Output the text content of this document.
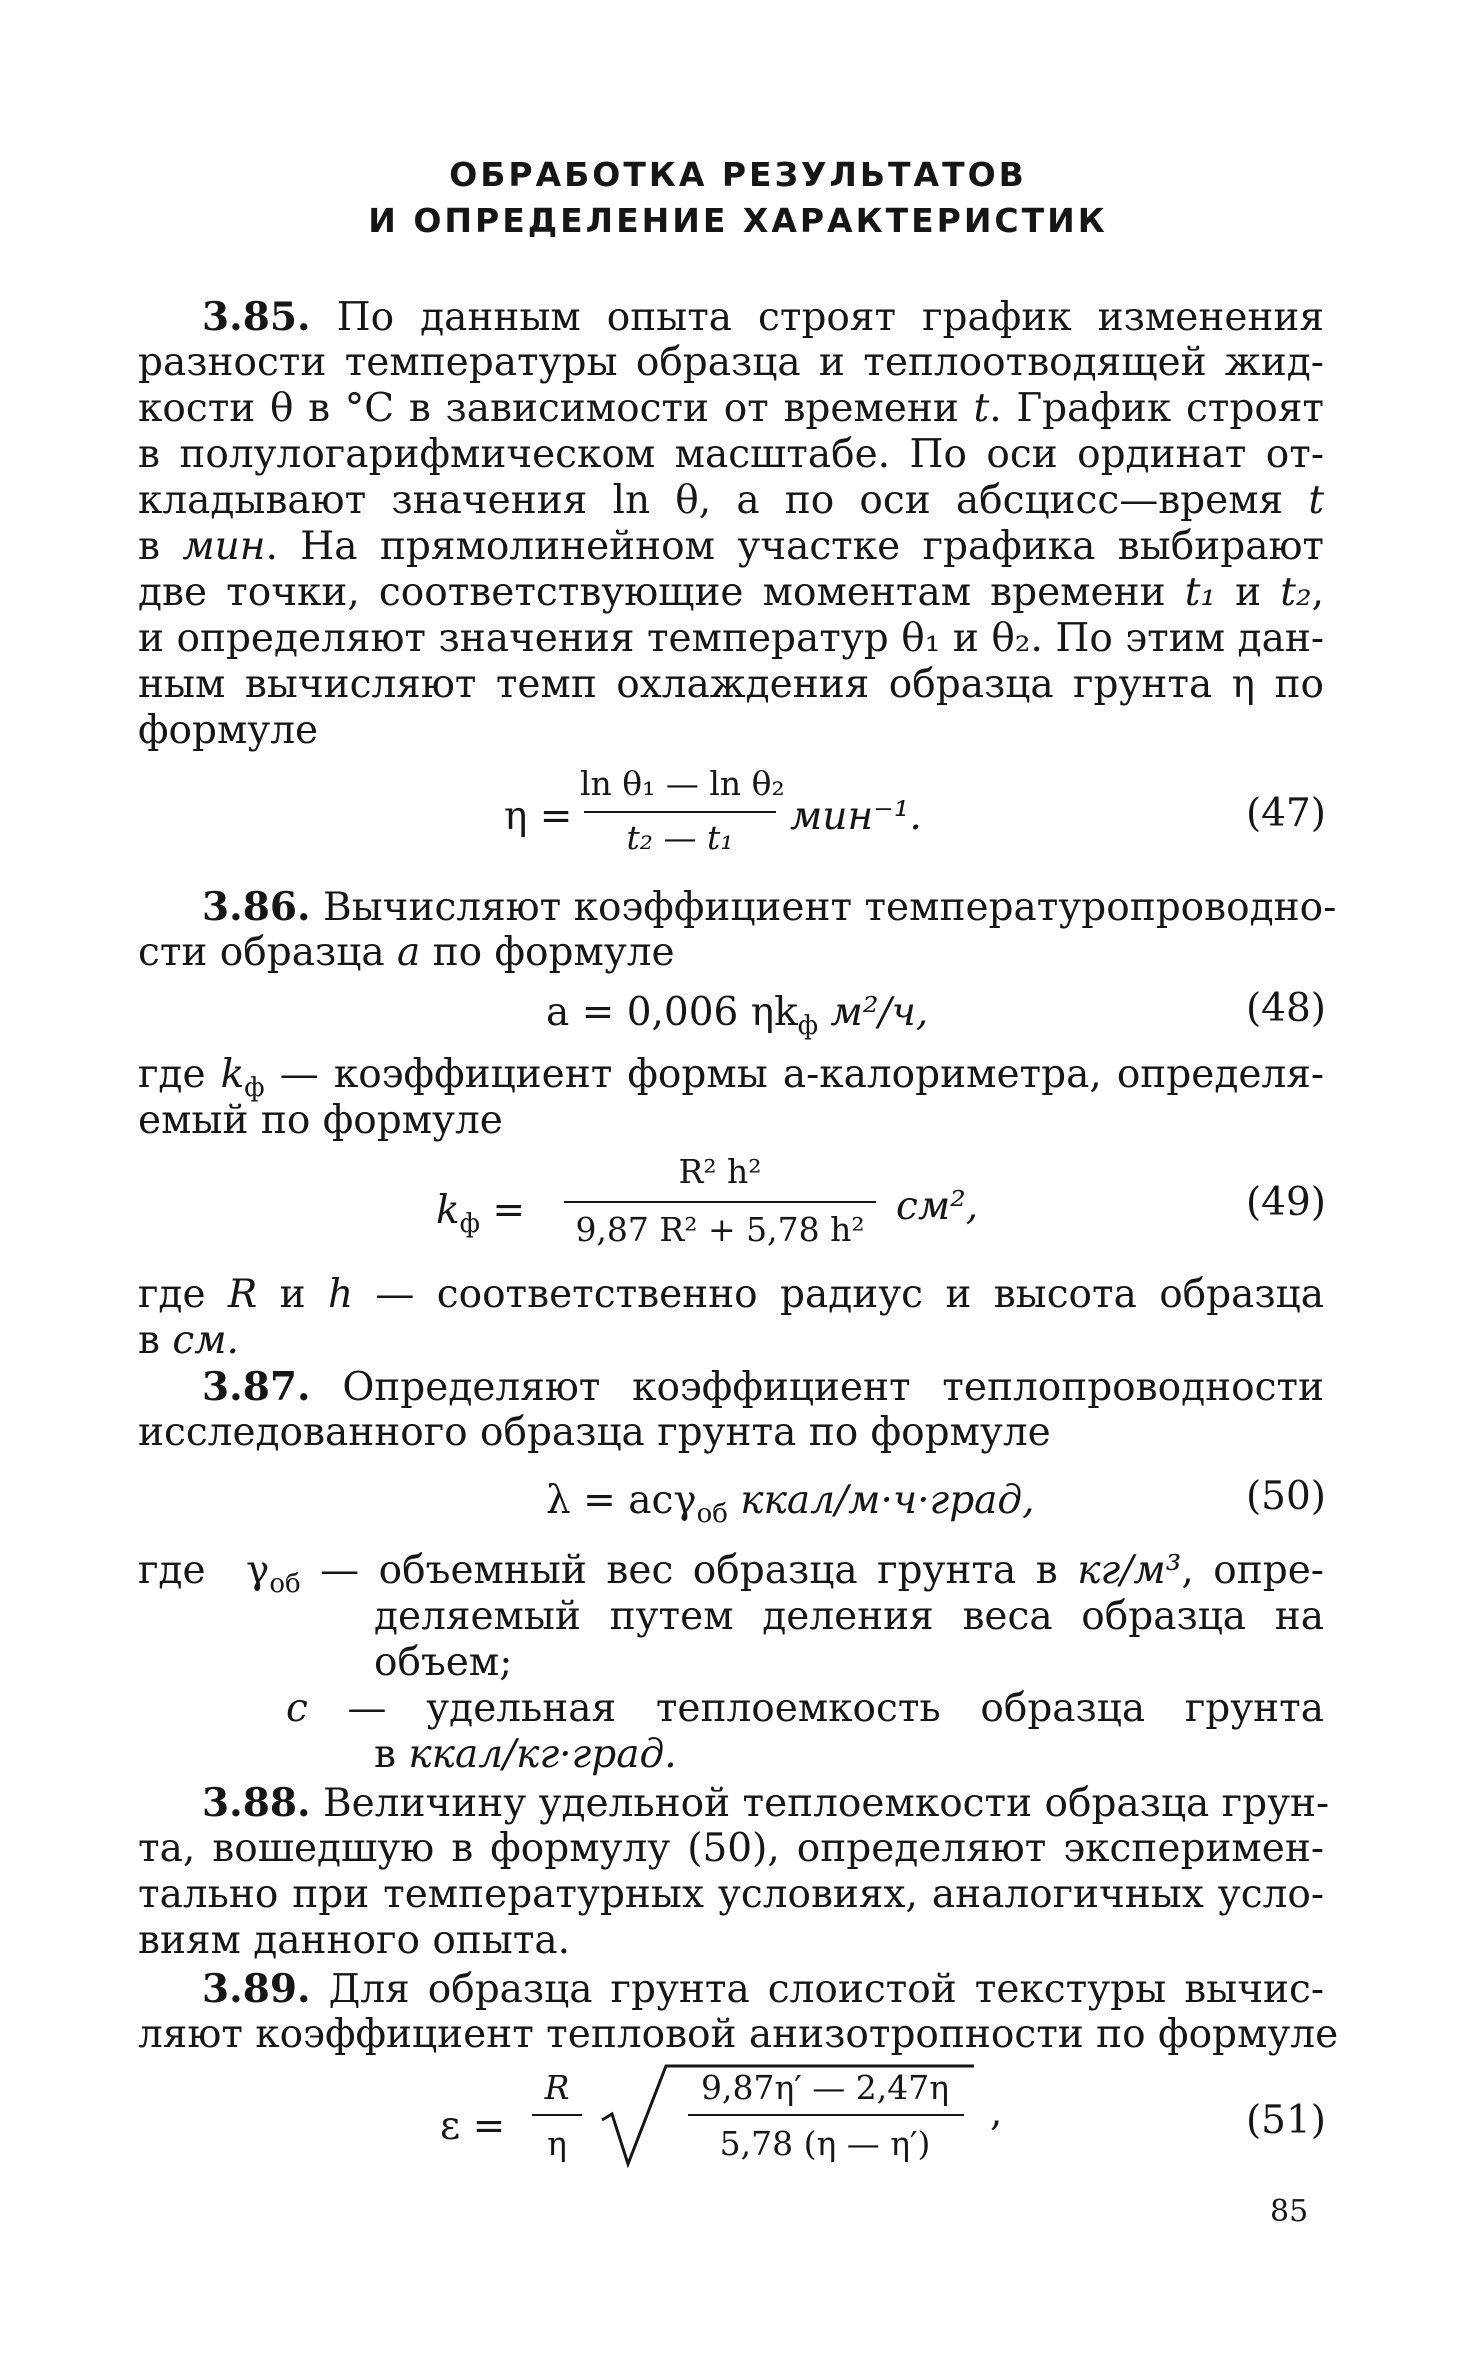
ОБРАБОТКА РЕЗУЛЬТАТОВ
И ОПРЕДЕЛЕНИЕ ХАРАКТЕРИСТИК
3.85. По данным опыта строят график изменения
разности температуры образца и теплоотводящей жид-
кости θ в °С в зависимости от времени t. График строят
в полулогарифмическом масштабе. По оси ординат от-
кладывают значения ln θ, а по оси абсцисс—время t
в мин. На прямолинейном участке графика выбирают
две точки, соответствующие моментам времени t₁ и t₂,
и определяют значения температур θ₁ и θ₂. По этим дан-
ным вычисляют темп охлаждения образца грунта η по
формуле
η =
ln θ₁ — ln θ₂
t₂ — t₁	мин⁻¹.	(47)
3.86. Вычисляют коэффициент температуропроводно-
сти образца a по формуле
a = 0,006 $\eta k_ф$ м²/ч,	(48)
где $k_ф$ — коэффициент формы а-калориметра, определя-
емый по формуле
$k_ф$ =
R² h²
9,87 R² + 5,78 h²
см²,	(49)
где R и h — соответственно радиус и высота образца
в см.
3.87. Определяют коэффициент теплопроводности
исследованного образца грунта по формуле
λ = acγ$_{об}$ ккал/м·ч·град,	(50)
где $\gamma_{об}$ — объемный вес образца грунта в кг/м³, опре-
деляемый путем деления веса образца на
объем;
c — удельная теплоемкость образца грунта
в ккал/кг·град.
3.88. Величину удельной теплоемкости образца грун-
та, вошедшую в формулу (50), определяют эксперимен-
тально при температурных условиях, аналогичных усло-
виям данного опыта.
3.89. Для образца грунта слоистой текстуры вычис-
ляют коэффициент тепловой анизотропности по формуле
ε =
R
η
9,87η′ — 2,47η
5,78 (η — η′)
,	(51)
85
